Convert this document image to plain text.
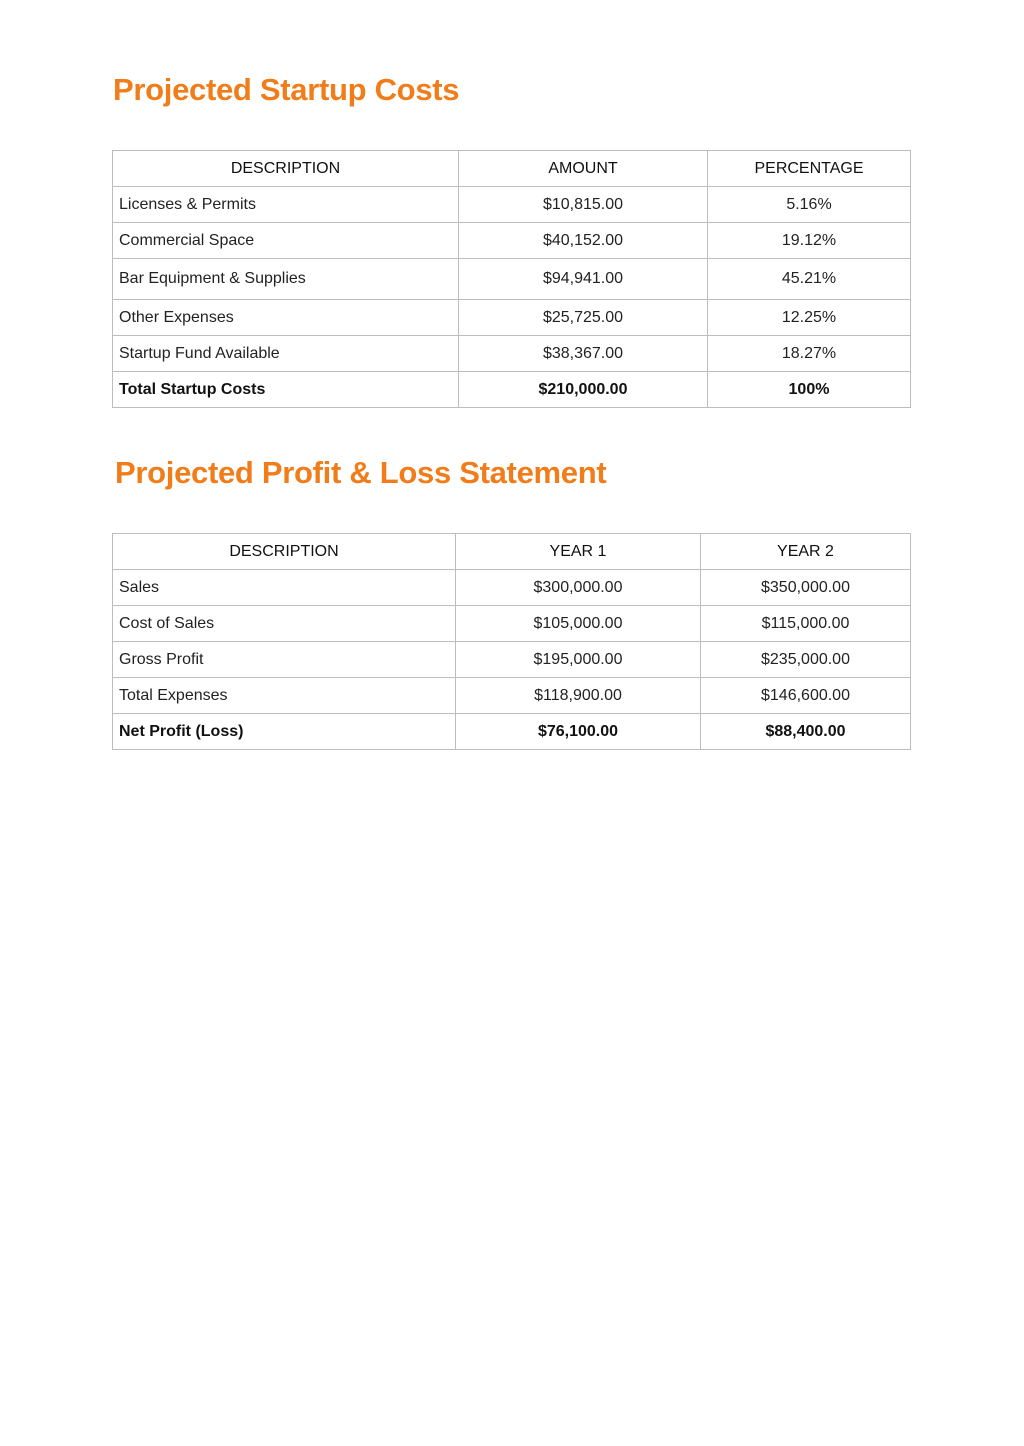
Projected Startup Costs
DESCRIPTION	AMOUNT	PERCENTAGE
Licenses & Permits	$10,815.00	5.16%
Commercial Space	$40,152.00	19.12%
Bar Equipment & Supplies	$94,941.00	45.21%
Other Expenses	$25,725.00	12.25%
Startup Fund Available	$38,367.00	18.27%
Total Startup Costs	$210,000.00	100%
Projected Profit & Loss Statement
DESCRIPTION	YEAR 1	YEAR 2
Sales	$300,000.00	$350,000.00
Cost of Sales	$105,000.00	$115,000.00
Gross Profit	$195,000.00	$235,000.00
Total Expenses	$118,900.00	$146,600.00
Net Profit (Loss)	$76,100.00	$88,400.00
